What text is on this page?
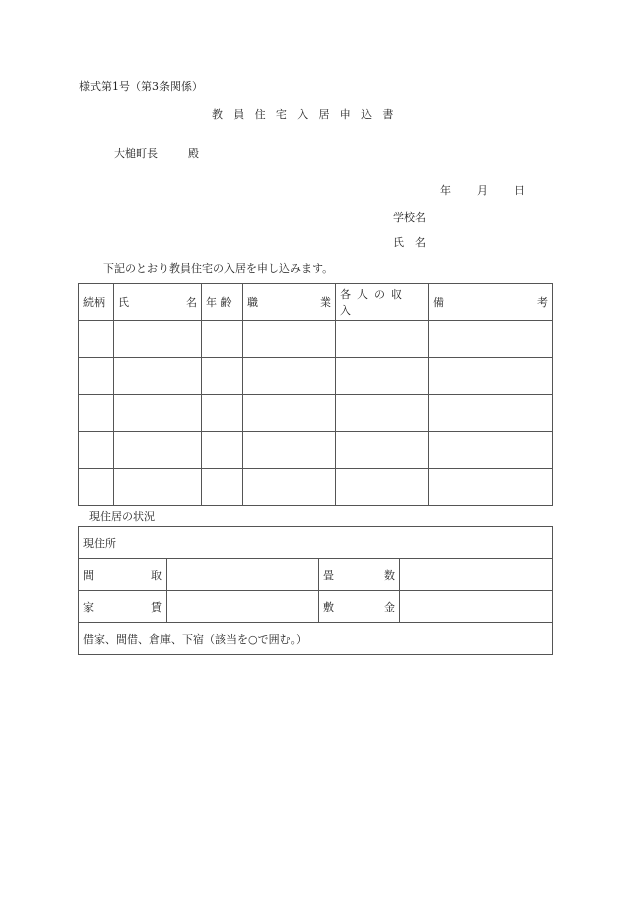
様式第1号（第3条関係）
教員住宅入居申込書
大槌町長	殿
年 月 日
学校名
氏　名
下記のとおり教員住宅の入居を申し込みます。
続柄	氏 名	年 齢	職 業	各人の収入	備 考

現住居の状況
現住所			

間 取		畳 数	

家 賃		敷 金	

借家、間借、倉庫、下宿（該当を○で囲む。）			
